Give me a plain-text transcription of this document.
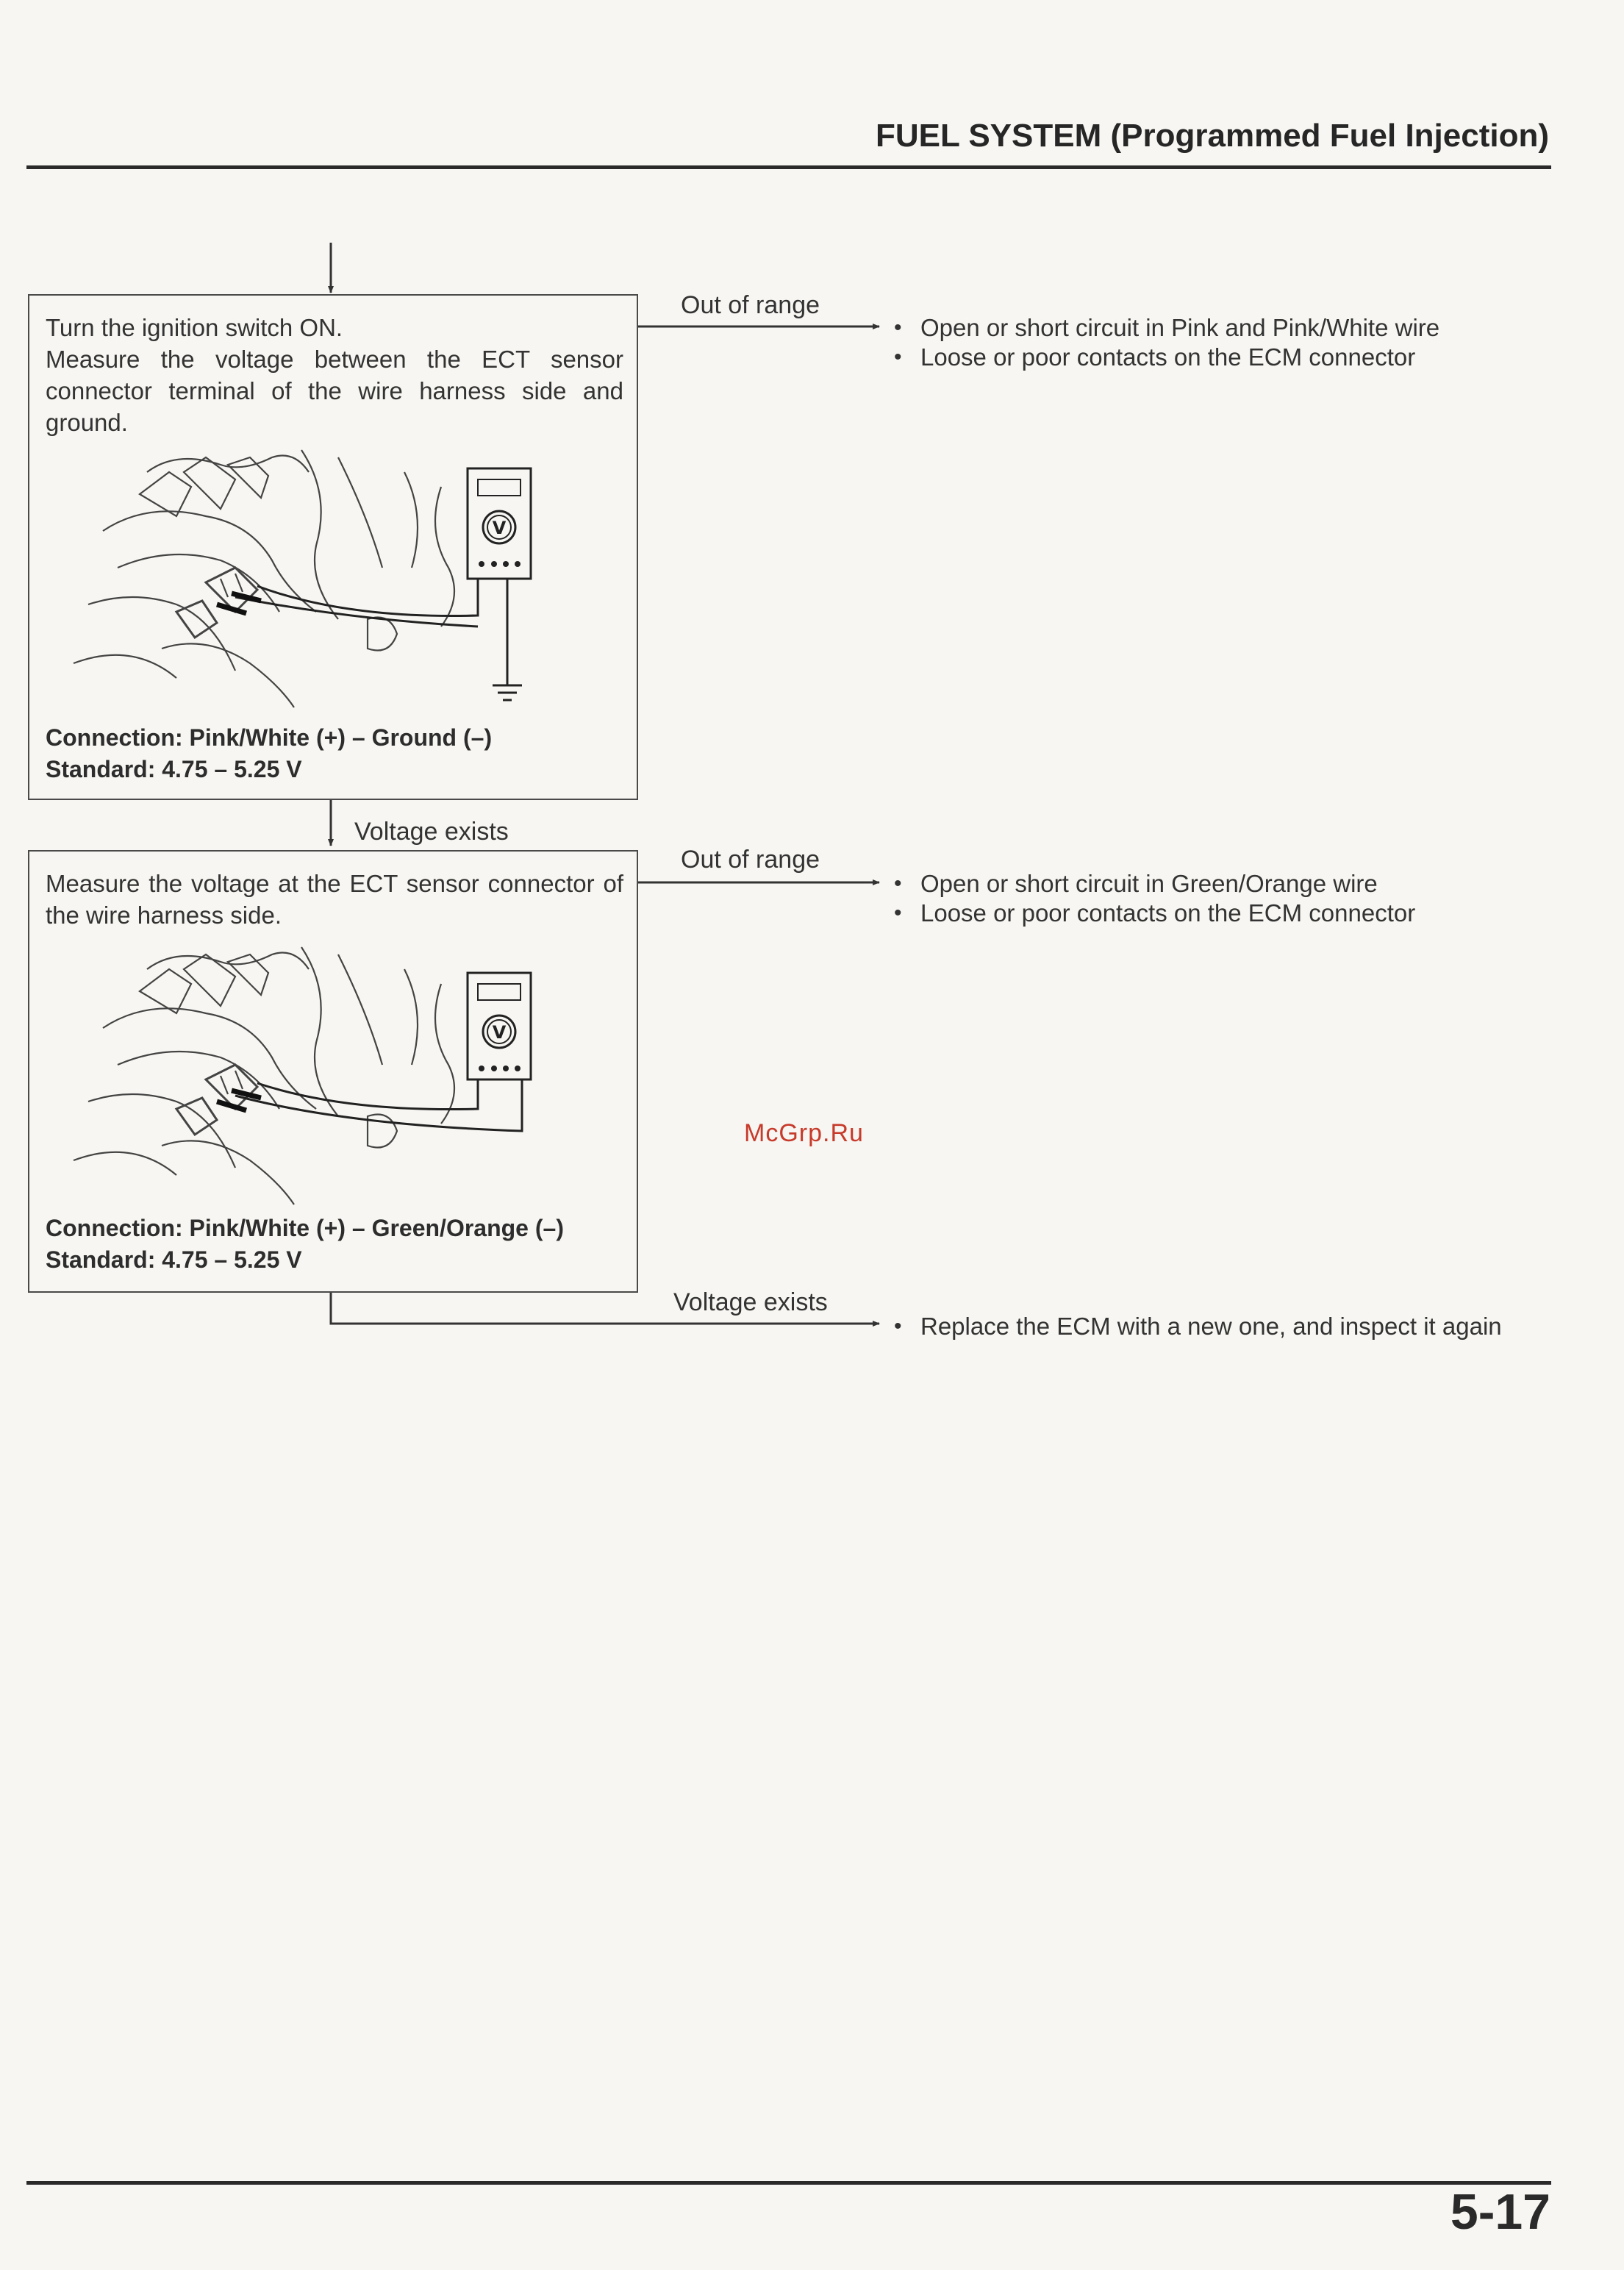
FUEL SYSTEM (Programmed Fuel Injection)
Turn the ignition switch ON.
Measure the voltage between the ECT sensor connector terminal of the wire harness side and ground.
V
Connection: Pink/White (+) – Ground (–)
Standard: 4.75 – 5.25 V
Out of range
Voltage exists
Out of range
Voltage exists
• Open or short circuit in Pink and Pink/White wire
• Loose or poor contacts on the ECM connector
• Open or short circuit in Green/Orange wire
• Loose or poor contacts on the ECM connector
• Replace the ECM with a new one, and inspect it again
Measure the voltage at the ECT sensor connector of the wire harness side.
V
Connection: Pink/White (+) – Green/Orange (–)
Standard: 4.75 – 5.25 V
McGrp.Ru
5-17
